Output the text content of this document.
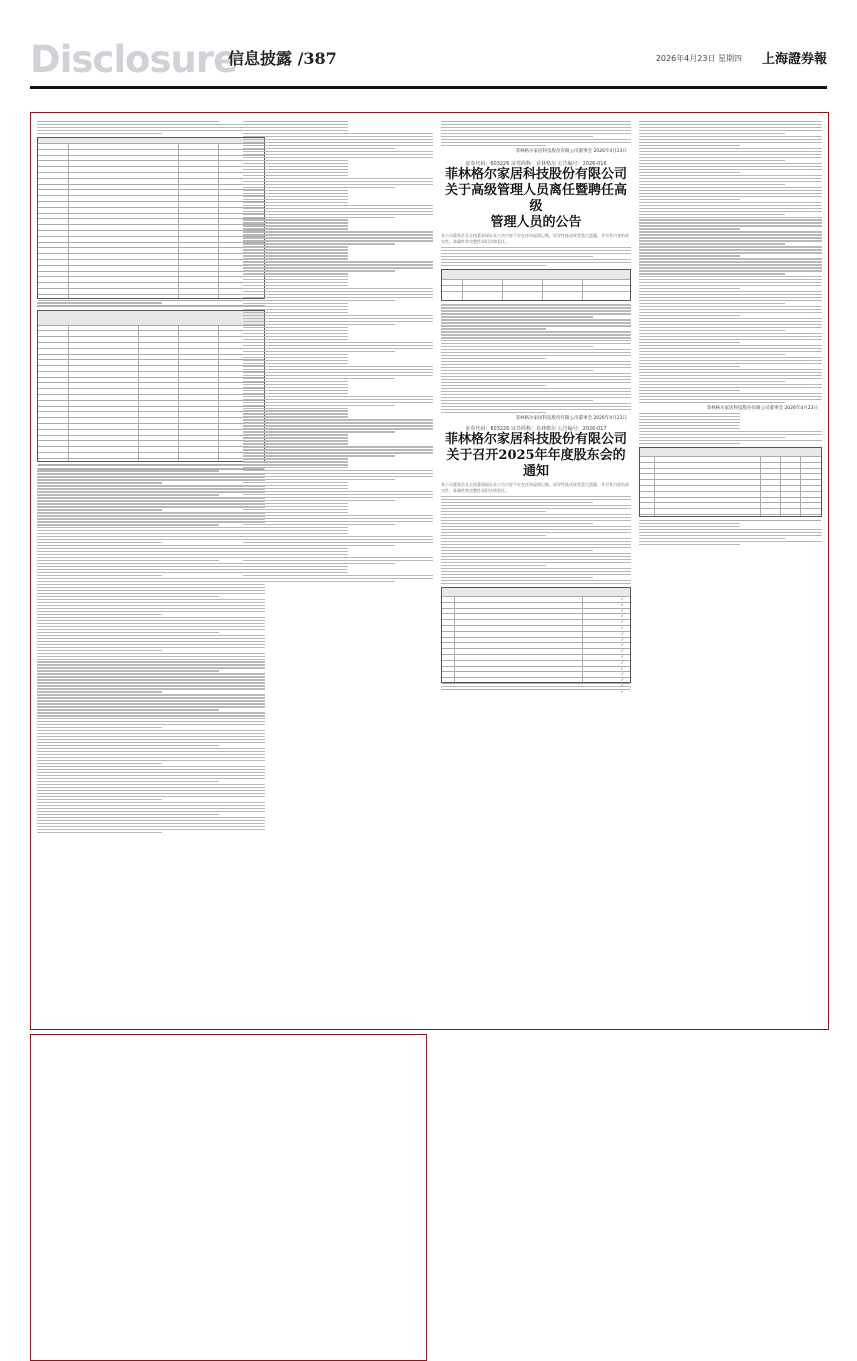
Disclosure
信息披露 /387	2026年4月23日 星期四 上海證券報
菲林格尔家居科技股份有限公司董事会 2026年4月23日
证券代码：603226 证券简称：菲林格尔 公告编号：2026-016
菲林格尔家居科技股份有限公司
关于高级管理人员离任暨聘任高级
管理人员的公告
本公司董事会及全体董事保证本公告内容不存在任何虚假记载、误导性陈述或者重大遗漏，并对其内容的真实性、准确性和完整性承担法律责任。
菲林格尔家居科技股份有限公司董事会 2026年4月23日
证券代码：603226 证券简称：菲林格尔 公告编号：2026-017
菲林格尔家居科技股份有限公司
关于召开2025年年度股东会的通知
本公司董事会及全体董事保证本公告内容不存在任何虚假记载、误导性陈述或者重大遗漏，并对其内容的真实性、准确性和完整性承担法律责任。
✓
✓
✓
✓
✓
✓
✓
✓
✓
✓
✓
✓
✓
✓
✓
✓
✓
菲林格尔家居科技股份有限公司董事会 2026年4月23日
